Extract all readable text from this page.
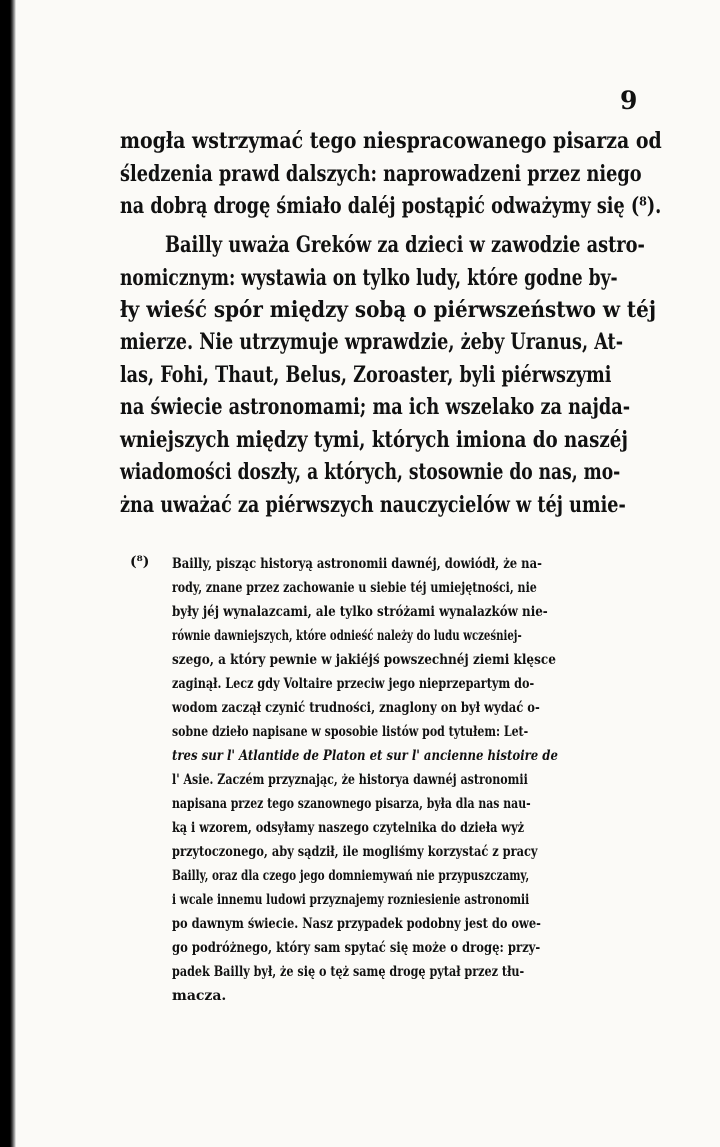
9
mogła wstrzymać tego niespracowanego pisarza od
śledzenia prawd dalszych: naprowadzeni przez niego
na dobrą drogę śmiało daléj postąpić odważymy się (⁸).
Bailly uważa Greków za dzieci w zawodzie astro-
nomicznym: wystawia on tylko ludy, które godne by-
ły wieść spór między sobą o piérwszeństwo w téj
mierze. Nie utrzymuje wprawdzie, żeby Uranus, At-
las, Fohi, Thaut, Belus, Zoroaster, byli piérwszymi
na świecie astronomami; ma ich wszelako za najda-
wniejszych między tymi, których imiona do naszéj
wiadomości doszły, a których, stosownie do nas, mo-
żna uważać za piérwszych nauczycielów w téj umie-
(⁸) Bailly, pisząc historyą astronomii dawnéj, dowiódł, że na-
rody, znane przez zachowanie u siebie téj umiejętności, nie
były jéj wynalazcami, ale tylko stróżami wynalazków nie-
równie dawniejszych, które odnieść należy do ludu wcześniej-
szego, a który pewnie w jakiéjś powszechnéj ziemi klęsce
zaginął. Lecz gdy Voltaire przeciw jego nieprzepartym do-
wodom zaczął czynić trudności, znaglony on był wydać o-
sobne dzieło napisane w sposobie listów pod tytułem: Let-
tres sur l' Atlantide de Platon et sur l' ancienne histoire de
l' Asie. Zaczém przyznając, że historya dawnéj astronomii
napisana przez tego szanownego pisarza, była dla nas nau-
ką i wzorem, odsyłamy naszego czytelnika do dzieła wyż
przytoczonego, aby sądził, ile mogliśmy korzystać z pracy
Bailly, oraz dla czego jego domniemywań nie przypuszczamy,
i wcale innemu ludowi przyznajemy rozniesienie astronomii
po dawnym świecie. Nasz przypadek podobny jest do owe-
go podróżnego, który sam spytać się może o drogę: przy-
padek Bailly był, że się o tęż samę drogę pytał przez tłu-
macza.
